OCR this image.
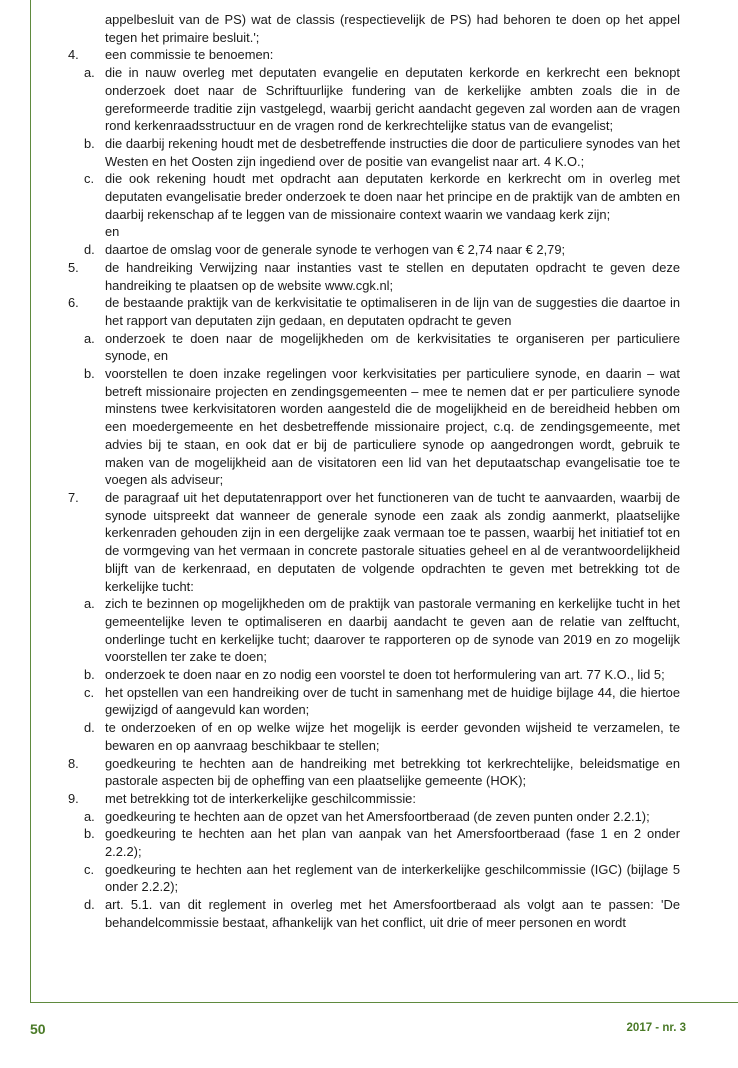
appelbesluit van de PS) wat de classis (respectievelijk de PS) had behoren te doen op het appel tegen het primaire besluit.';

4. een commissie te benoemen:

a. die in nauw overleg met deputaten evangelie en deputaten kerkorde en kerkrecht een beknopt onderzoek doet naar de Schriftuurlijke fundering van de kerkelijke ambten zoals die in de gereformeerde traditie zijn vastgelegd, waarbij gericht aandacht gegeven zal worden aan de vragen rond kerkenraadsstructuur en de vragen rond de kerkrechtelijke status van de evangelist;

b. die daarbij rekening houdt met de desbetreffende instructies die door de particuliere synodes van het Westen en het Oosten zijn ingediend over de positie van evangelist naar art. 4 K.O.;

c. die ook rekening houdt met opdracht aan deputaten kerkorde en kerkrecht om in overleg met deputaten evangelisatie breder onderzoek te doen naar het principe en de praktijk van de ambten en daarbij rekenschap af te leggen van de missionaire context waarin we vandaag kerk zijn;

en

d. daartoe de omslag voor de generale synode te verhogen van € 2,74 naar € 2,79;

5. de handreiking Verwijzing naar instanties vast te stellen en deputaten opdracht te geven deze handreiking te plaatsen op de website www.cgk.nl;

6. de bestaande praktijk van de kerkvisitatie te optimaliseren in de lijn van de suggesties die daartoe in het rapport van deputaten zijn gedaan, en deputaten opdracht te geven

a. onderzoek te doen naar de mogelijkheden om de kerkvisitaties te organiseren per particuliere synode, en

b. voorstellen te doen inzake regelingen voor kerkvisitaties per particuliere synode, en daarin – wat betreft missionaire projecten en zendingsgemeenten – mee te nemen dat er per particuliere synode minstens twee kerkvisitatoren worden aangesteld die de mogelijkheid en de bereidheid hebben om een moedergemeente en het desbetreffende missionaire project, c.q. de zendingsgemeente, met advies bij te staan, en ook dat er bij de particuliere synode op aangedrongen wordt, gebruik te maken van de mogelijkheid aan de visitatoren een lid van het deputaatschap evangelisatie toe te voegen als adviseur;

7. de paragraaf uit het deputatenrapport over het functioneren van de tucht te aanvaarden, waarbij de synode uitspreekt dat wanneer de generale synode een zaak als zondig aanmerkt, plaatselijke kerkenraden gehouden zijn in een dergelijke zaak vermaan toe te passen, waarbij het initiatief tot en de vormgeving van het vermaan in concrete pastorale situaties geheel en al de verantwoordelijkheid blijft van de kerkenraad, en deputaten de volgende opdrachten te geven met betrekking tot de kerkelijke tucht:

a. zich te bezinnen op mogelijkheden om de praktijk van pastorale vermaning en kerkelijke tucht in het gemeentelijke leven te optimaliseren en daarbij aandacht te geven aan de relatie van zelftucht, onderlinge tucht en kerkelijke tucht; daarover te rapporteren op de synode van 2019 en zo mogelijk voorstellen ter zake te doen;

b. onderzoek te doen naar en zo nodig een voorstel te doen tot herformulering van art. 77 K.O., lid 5;

c. het opstellen van een handreiking over de tucht in samenhang met de huidige bijlage 44, die hiertoe gewijzigd of aangevuld kan worden;

d. te onderzoeken of en op welke wijze het mogelijk is eerder gevonden wijsheid te verzamelen, te bewaren en op aanvraag beschikbaar te stellen;

8. goedkeuring te hechten aan de handreiking met betrekking tot kerkrechtelijke, beleidsmatige en pastorale aspecten bij de opheffing van een plaatselijke gemeente (HOK);

9. met betrekking tot de interkerkelijke geschilcommissie:

a. goedkeuring te hechten aan de opzet van het Amersfoortberaad (de zeven punten onder 2.2.1);

b. goedkeuring te hechten aan het plan van aanpak van het Amersfoortberaad (fase 1 en 2 onder 2.2.2);

c. goedkeuring te hechten aan het reglement van de interkerkelijke geschilcommissie (IGC) (bijlage 5 onder 2.2.2);

d. art. 5.1. van dit reglement in overleg met het Amersfoortberaad als volgt aan te passen: 'De behandelcommissie bestaat, afhankelijk van het conflict, uit drie of meer personen en wordt

50	2017 - nr. 3
